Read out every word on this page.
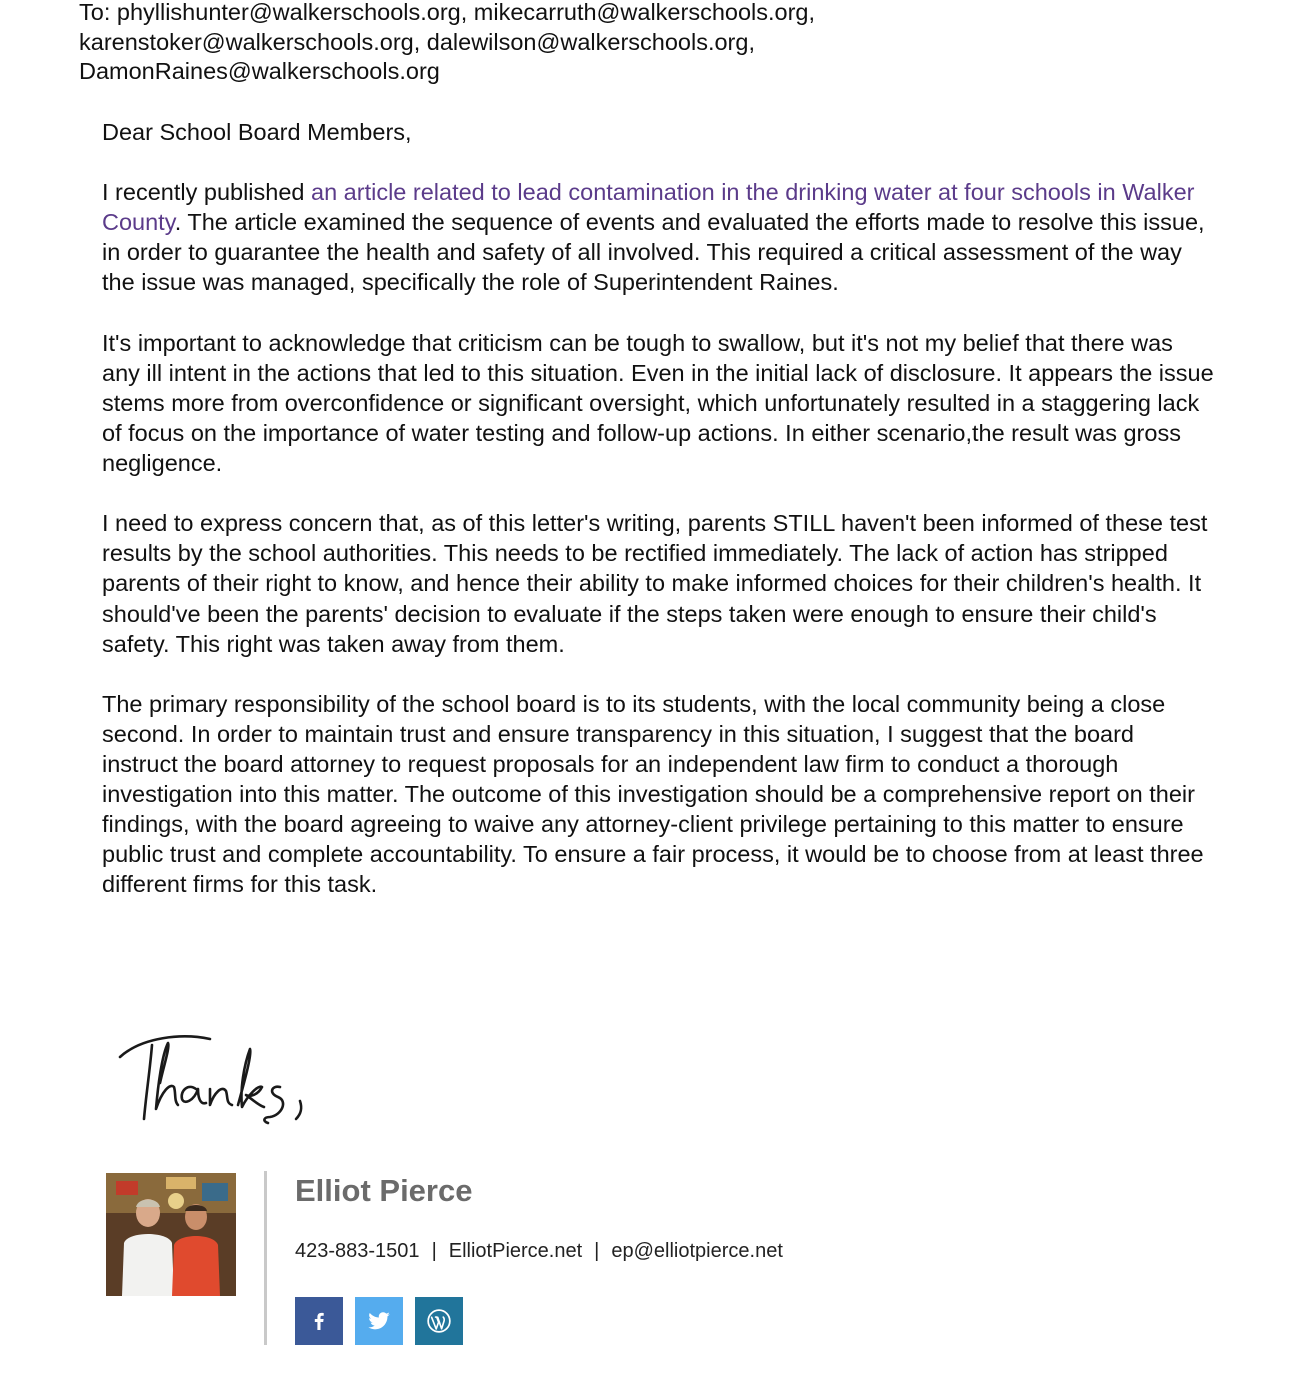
To: phyllishunter@walkerschools.org, mikecarruth@walkerschools.org,
karenstoker@walkerschools.org, dalewilson@walkerschools.org,
DamonRaines@walkerschools.org

Dear School Board Members,

I recently published an article related to lead contamination in the drinking water at four schools in Walker County. The article examined the sequence of events and evaluated the efforts made to resolve this issue, in order to guarantee the health and safety of all involved. This required a critical assessment of the way the issue was managed, specifically the role of Superintendent Raines.

It's important to acknowledge that criticism can be tough to swallow, but it's not my belief that there was any ill intent in the actions that led to this situation. Even in the initial lack of disclosure. It appears the issue stems more from overconfidence or significant oversight, which unfortunately resulted in a staggering lack of focus on the importance of water testing and follow-up actions. In either scenario,the result was gross negligence.

I need to express concern that, as of this letter's writing, parents STILL haven't been informed of these test results by the school authorities. This needs to be rectified immediately. The lack of action has stripped parents of their right to know, and hence their ability to make informed choices for their children's health. It should've been the parents' decision to evaluate if the steps taken were enough to ensure their child's safety. This right was taken away from them.

The primary responsibility of the school board is to its students, with the local community being a close second. In order to maintain trust and ensure transparency in this situation, I suggest that the board instruct the board attorney to request proposals for an independent law firm to conduct a thorough investigation into this matter. The outcome of this investigation should be a comprehensive report on their findings, with the board agreeing to waive any attorney-client privilege pertaining to this matter to ensure public trust and complete accountability. To ensure a fair process, it would be to choose from at least three different firms for this task.

Elliot Pierce
423-883-1501 | ElliotPierce.net | ep@elliotpierce.net
